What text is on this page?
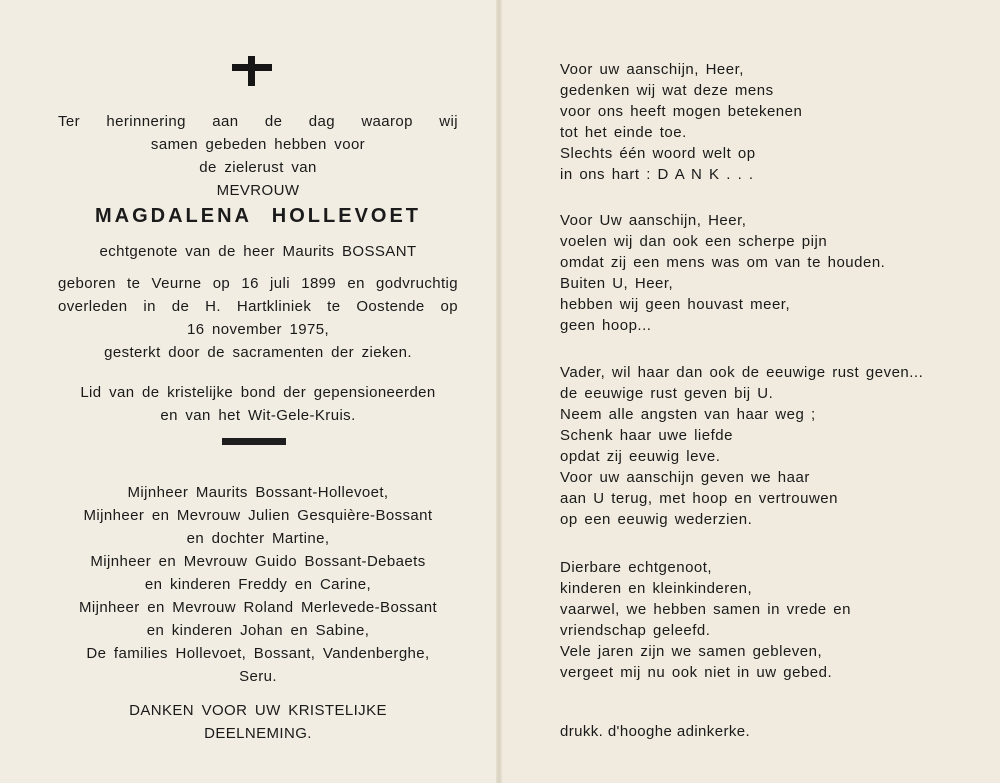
Ter herinnering aan de dag waarop wij
samen gebeden hebben voor
de zielerust van
MEVROUW
MAGDALENA HOLLEVOET
echtgenote van de heer Maurits BOSSANT
geboren te Veurne op 16 juli 1899 en godvruchtig
overleden in de H. Hartkliniek te Oostende op
16 november 1975,
gesterkt door de sacramenten der zieken.
Lid van de kristelijke bond der gepensioneerden
en van het Wit-Gele-Kruis.
Mijnheer Maurits Bossant-Hollevoet,
Mijnheer en Mevrouw Julien Gesquière-Bossant
en dochter Martine,
Mijnheer en Mevrouw Guido Bossant-Debaets
en kinderen Freddy en Carine,
Mijnheer en Mevrouw Roland Merlevede-Bossant
en kinderen Johan en Sabine,
De families Hollevoet, Bossant, Vandenberghe,
Seru.
DANKEN VOOR UW KRISTELIJKE
DEELNEMING.
Voor uw aanschijn, Heer,
gedenken wij wat deze mens
voor ons heeft mogen betekenen
tot het einde toe.
Slechts één woord welt op
in ons hart : D A N K . . .
Voor Uw aanschijn, Heer,
voelen wij dan ook een scherpe pijn
omdat zij een mens was om van te houden.
Buiten U, Heer,
hebben wij geen houvast meer,
geen hoop...
Vader, wil haar dan ook de eeuwige rust geven...
de eeuwige rust geven bij U.
Neem alle angsten van haar weg ;
Schenk haar uwe liefde
opdat zij eeuwig leve.
Voor uw aanschijn geven we haar
aan U terug, met hoop en vertrouwen
op een eeuwig wederzien.
Dierbare echtgenoot,
kinderen en kleinkinderen,
vaarwel, we hebben samen in vrede en
vriendschap geleefd.
Vele jaren zijn we samen gebleven,
vergeet mij nu ook niet in uw gebed.
drukk. d'hooghe adinkerke.
